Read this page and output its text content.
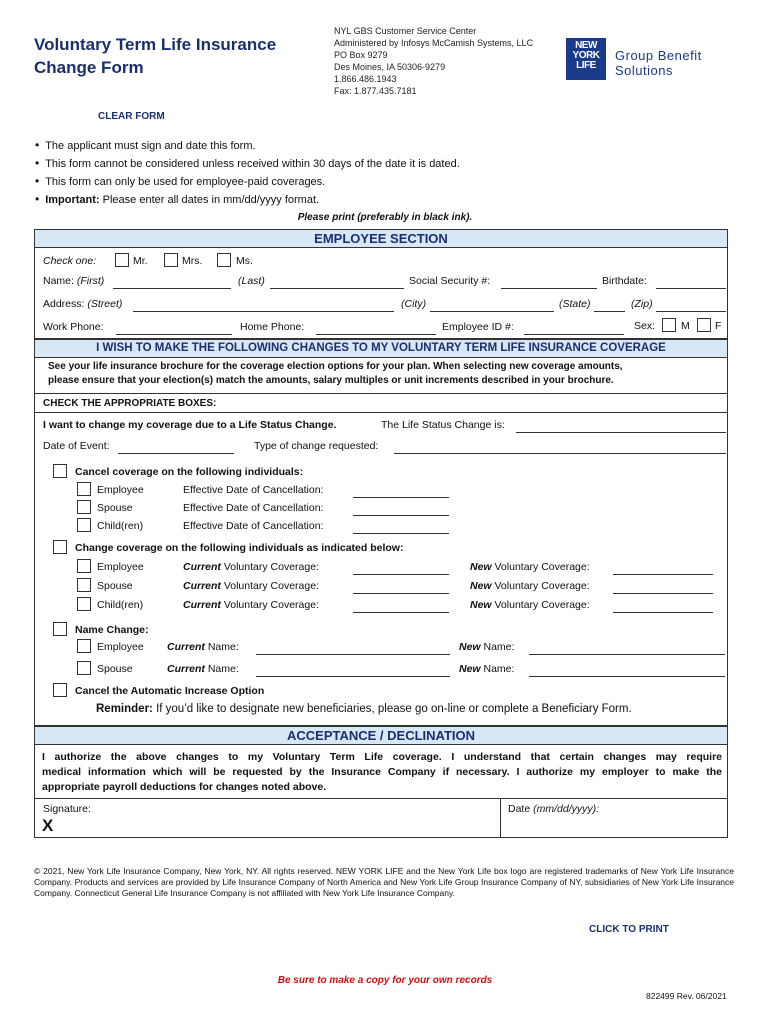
Voluntary Term Life Insurance
Change Form
NYL GBS Customer Service Center
Administered by Infosys McCamish Systems, LLC
PO Box 9279
Des Moines, IA 50306-9279
1.866.486.1943
Fax: 1.877.435.7181
NEW
YORK
LIFE
Group Benefit
Solutions
CLEAR FORM
• The applicant must sign and date this form.
• This form cannot be considered unless received within 30 days of the date it is dated.
• This form can only be used for employee-paid coverages.
• Important: Please enter all dates in mm/dd/yyyy format.
Please print (preferably in black ink).
EMPLOYEE SECTION
Check one:	Mr.	Mrs.	Ms.
Name: (First)	(Last)	Social Security #:	Birthdate:
Address: (Street)	(City)	(State)	(Zip)
Work Phone:	Home Phone:	Employee ID #:	Sex: M F
I WISH TO MAKE THE FOLLOWING CHANGES TO MY VOLUNTARY TERM LIFE INSURANCE COVERAGE
See your life insurance brochure for the coverage election options for your plan. When selecting new coverage amounts,
please ensure that your election(s) match the amounts, salary multiples or unit increments described in your brochure.
CHECK THE APPROPRIATE BOXES:
I want to change my coverage due to a Life Status Change.	The Life Status Change is:
Date of Event:	Type of change requested:
Cancel coverage on the following individuals:
Employee	Effective Date of Cancellation:
Spouse	Effective Date of Cancellation:
Child(ren)	Effective Date of Cancellation:
Change coverage on the following individuals as indicated below:
Employee	Current Voluntary Coverage:	New Voluntary Coverage:
Spouse	Current Voluntary Coverage:	New Voluntary Coverage:
Child(ren)	Current Voluntary Coverage:	New Voluntary Coverage:
Name Change:
Employee Current Name:	New Name:
Spouse	Current Name:	New Name:
Cancel the Automatic Increase Option
Reminder: If you’d like to designate new beneficiaries, please go on-line or complete a Beneficiary Form.
ACCEPTANCE / DECLINATION
I authorize the above changes to my Voluntary Term Life coverage. I understand that certain changes may require
medical information which will be requested by the Insurance Company if necessary. I authorize my employer to make the
appropriate payroll deductions for changes noted above.
Signature:
X
Date (mm/dd/yyyy):
© 2021, New York Life Insurance Company, New York, NY. All rights reserved. NEW YORK LIFE and the New York Life box logo are registered trademarks of New York Life Insurance Company. Products and services are provided by Life Insurance Company of North America and New York Life Group Insurance Company of NY, subsidiaries of New York Life Insurance Company. Connecticut General Life Insurance Company is not affiliated with New York Life Insurance Company.
CLICK TO PRINT
Be sure to make a copy for your own records
822499 Rev. 06/2021
